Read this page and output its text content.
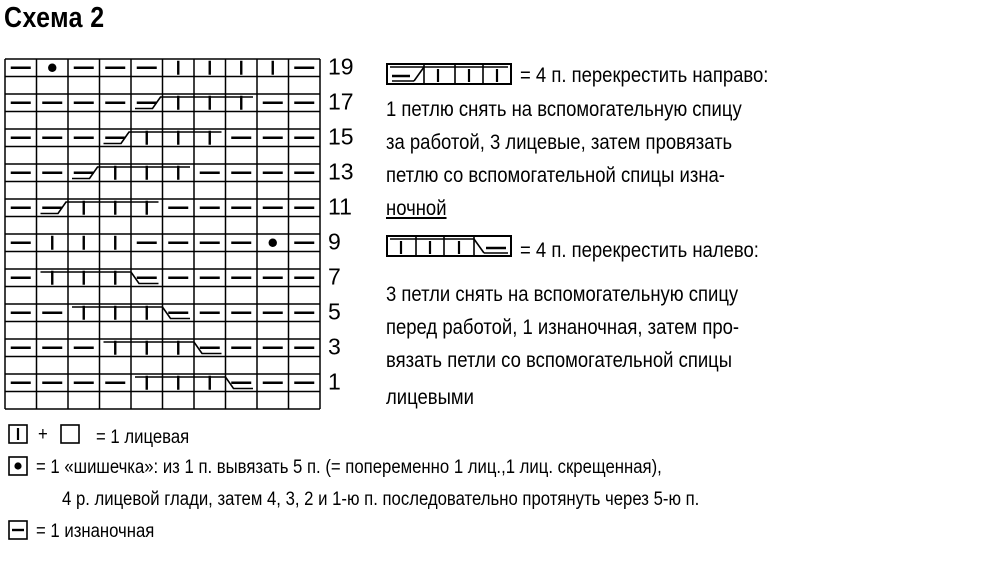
Схема 2
19
17
15
13
11
9
7
5
3
1
= 4 п. перекрестить направо:
1 петлю снять на вспомогательную спицу
за работой, 3 лицевые, затем провязать
петлю со вспомогательной спицы изна-
ночной
= 4 п. перекрестить налево:
3 петли снять на вспомогательную спицу
перед работой, 1 изнаночная, затем про-
вязать петли со вспомогательной спицы
лицевыми
+	= 1 лицевая
= 1 «шишечка»: из 1 п. вывязать 5 п. (= попеременно 1 лиц.,1 лиц. скрещенная),
4 р. лицевой глади, затем 4, 3, 2 и 1-ю п. последовательно протянуть через 5-ю п.
= 1 изнаночная
